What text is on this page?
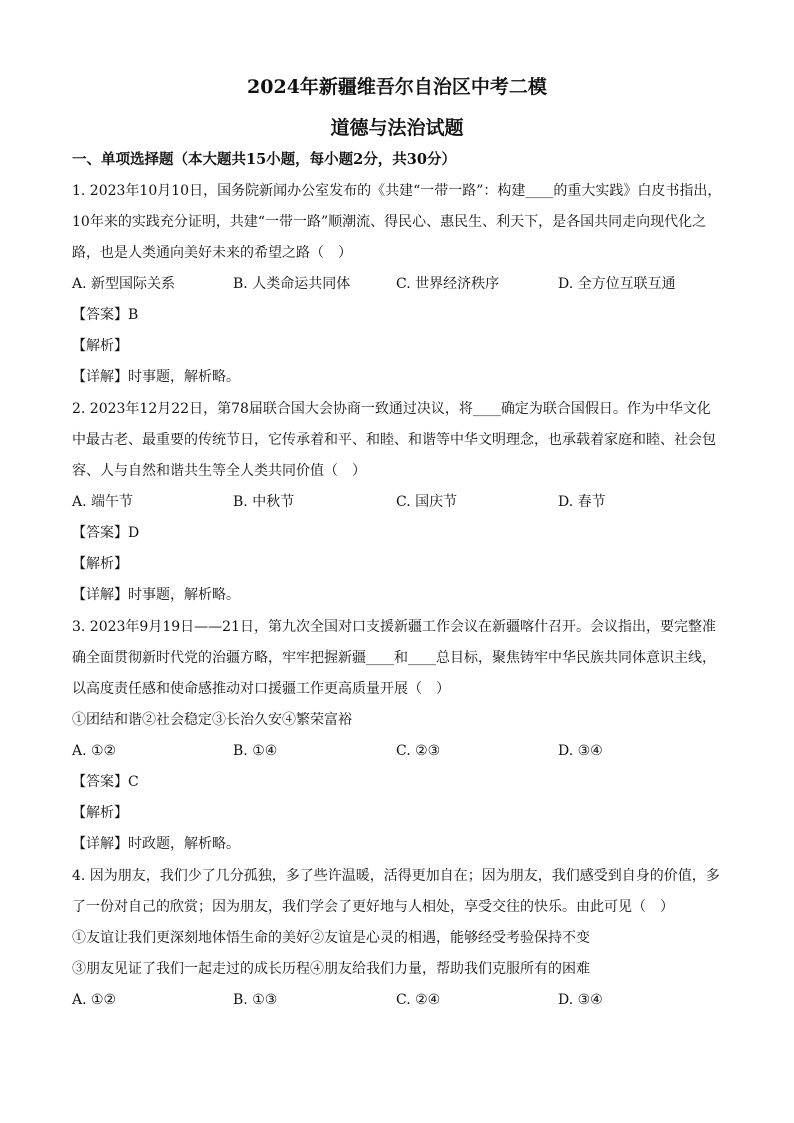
2024年新疆维吾尔自治区中考二模
道德与法治试题
一、单项选择题（本大题共15小题，每小题2分，共30分）
1. 2023年10月10日，国务院新闻办公室发布的《共建“一带一路”：构建____的重大实践》白皮书指出，
10年来的实践充分证明，共建“一带一路”顺潮流、得民心、惠民生、利天下，是各国共同走向现代化之
路，也是人类通向美好未来的希望之路（　）
A. 新型国际关系	B. 人类命运共同体	C. 世界经济秩序	D. 全方位互联互通
【答案】B
【解析】
【详解】时事题，解析略。
2. 2023年12月22日，第78届联合国大会协商一致通过决议，将____确定为联合国假日。作为中华文化
中最古老、最重要的传统节日，它传承着和平、和睦、和谐等中华文明理念，也承载着家庭和睦、社会包
容、人与自然和谐共生等全人类共同价值（　）
A. 端午节	B. 中秋节	C. 国庆节	D. 春节
【答案】D
【解析】
【详解】时事题，解析略。
3. 2023年9月19日——21日，第九次全国对口支援新疆工作会议在新疆喀什召开。会议指出，要完整准
确全面贯彻新时代党的治疆方略，牢牢把握新疆____和____总目标，聚焦铸牢中华民族共同体意识主线，
以高度责任感和使命感推动对口援疆工作更高质量开展（　）
①团结和谐②社会稳定③长治久安④繁荣富裕
A. ①②	B. ①④	C. ②③	D. ③④
【答案】C
【解析】
【详解】时政题，解析略。
4. 因为朋友，我们少了几分孤独，多了些许温暖，活得更加自在；因为朋友，我们感受到自身的价值，多
了一份对自己的欣赏；因为朋友，我们学会了更好地与人相处，享受交往的快乐。由此可见（　）
①友谊让我们更深刻地体悟生命的美好②友谊是心灵的相遇，能够经受考验保持不变
③朋友见证了我们一起走过的成长历程④朋友给我们力量，帮助我们克服所有的困难
A. ①②	B. ①③	C. ②④	D. ③④
